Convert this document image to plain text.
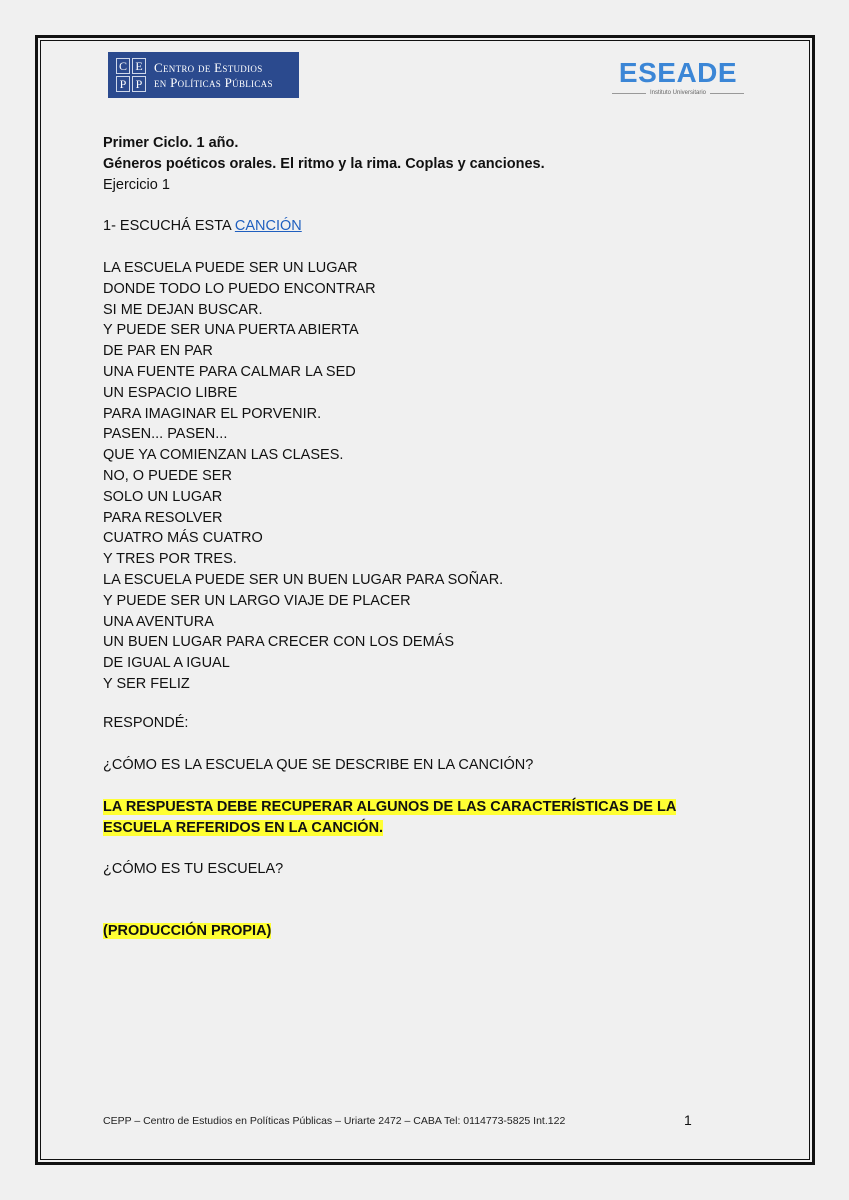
C E
P P
Centro de Estudios
en Políticas Públicas	ESEADE
Instituto Universitario
Primer Ciclo. 1 año.
Géneros poéticos orales. El ritmo y la rima. Coplas y canciones.
Ejercicio 1
1- ESCUCHÁ ESTA CANCIÓN
LA ESCUELA PUEDE SER UN LUGAR
DONDE TODO LO PUEDO ENCONTRAR
SI ME DEJAN BUSCAR.
Y PUEDE SER UNA PUERTA ABIERTA
DE PAR EN PAR
UNA FUENTE PARA CALMAR LA SED
UN ESPACIO LIBRE
PARA IMAGINAR EL PORVENIR.
PASEN... PASEN...
QUE YA COMIENZAN LAS CLASES.
NO, O PUEDE SER
SOLO UN LUGAR
PARA RESOLVER
CUATRO MÁS CUATRO
Y TRES POR TRES.
LA ESCUELA PUEDE SER UN BUEN LUGAR PARA SOÑAR.
Y PUEDE SER UN LARGO VIAJE DE PLACER
UNA AVENTURA
UN BUEN LUGAR PARA CRECER CON LOS DEMÁS
DE IGUAL A IGUAL
Y SER FELIZ
RESPONDÉ:
¿CÓMO ES LA ESCUELA QUE SE DESCRIBE EN LA CANCIÓN?
LA RESPUESTA DEBE RECUPERAR ALGUNOS DE LAS CARACTERÍSTICAS DE LA
ESCUELA REFERIDOS EN LA CANCIÓN.
¿CÓMO ES TU ESCUELA?
(PRODUCCIÓN PROPIA)
CEPP – Centro de Estudios en Políticas Públicas – Uriarte 2472 – CABA Tel: 0114773-5825 Int.122	1
